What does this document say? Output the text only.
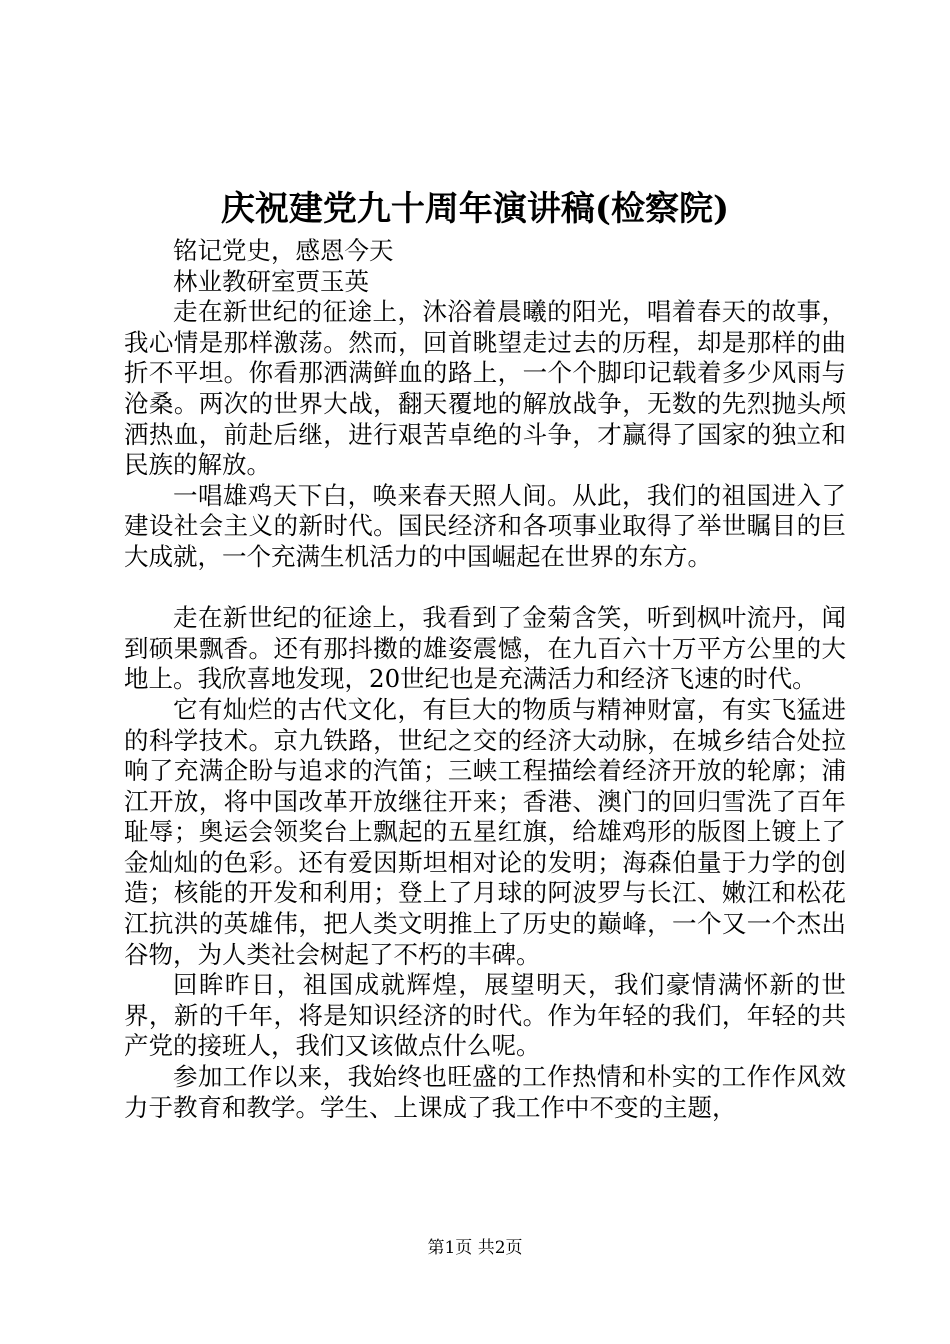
庆祝建党九十周年演讲稿(检察院)

铭记党史，感恩今天

林业教研室贾玉英

走在新世纪的征途上，沐浴着晨曦的阳光，唱着春天的故事，我心情是那样激荡。然而，回首眺望走过去的历程，却是那样的曲折不平坦。你看那洒满鲜血的路上，一个个脚印记载着多少风雨与沧桑。两次的世界大战，翻天覆地的解放战争，无数的先烈抛头颅洒热血，前赴后继，进行艰苦卓绝的斗争，才赢得了国家的独立和民族的解放。

一唱雄鸡天下白，唤来春天照人间。从此，我们的祖国进入了建设社会主义的新时代。国民经济和各项事业取得了举世瞩目的巨大成就，一个充满生机活力的中国崛起在世界的东方。

走在新世纪的征途上，我看到了金菊含笑，听到枫叶流丹，闻到硕果飘香。还有那抖擞的雄姿震憾，在九百六十万平方公里的大地上。我欣喜地发现，20世纪也是充满活力和经济飞速的时代。

它有灿烂的古代文化，有巨大的物质与精神财富，有实飞猛进的科学技术。京九铁路，世纪之交的经济大动脉，在城乡结合处拉响了充满企盼与追求的汽笛；三峡工程描绘着经济开放的轮廓；浦江开放，将中国改革开放继往开来；香港、澳门的回归雪洗了百年耻辱；奥运会领奖台上飘起的五星红旗，给雄鸡形的版图上镀上了金灿灿的色彩。还有爱因斯坦相对论的发明；海森伯量于力学的创造；核能的开发和利用；登上了月球的阿波罗与长江、嫩江和松花江抗洪的英雄伟，把人类文明推上了历史的巅峰，一个又一个杰出谷物，为人类社会树起了不朽的丰碑。

回眸昨日，祖国成就辉煌，展望明天，我们豪情满怀新的世界，新的千年，将是知识经济的时代。作为年轻的我们，年轻的共产党的接班人，我们又该做点什么呢。

参加工作以来，我始终也旺盛的工作热情和朴实的工作作风效力于教育和教学。学生、上课成了我工作中不变的主题，

第1页 共2页
